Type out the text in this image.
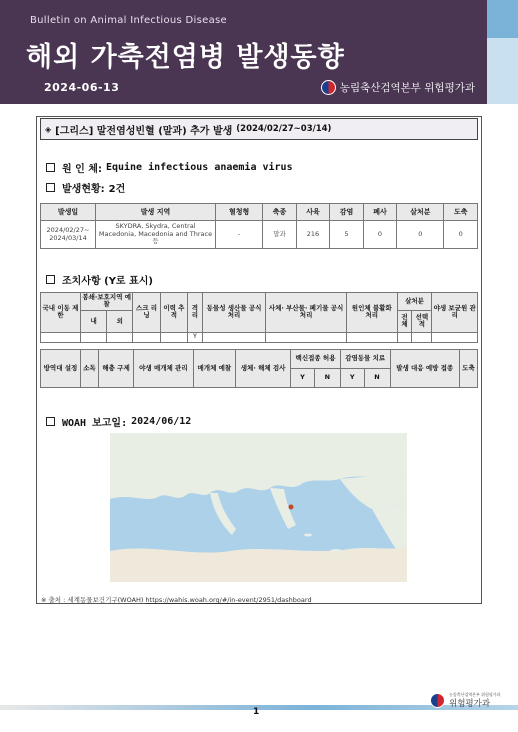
Bulletin on Animal Infectious Disease
해외 가축전염병 발생동향
2024-06-13	농림축산검역본부 위험평가과
◈ [그리스] 말전염성빈혈 (말과) 추가 발생 (2024/02/27~03/14)
원 인 체: Equine infectious anaemia virus
발생현황: 2건
발생일	발생 지역	혈청형	축종	사육	감염	폐사	살처분	도축
2024/02/27~ 2024/03/14	SKYDRA, Skydra, Central Macedonia, Macedonia and Thrace 등	-	말과	216	5	0	0	0
조치사항 (Y로 표시)
국내 이동 제한	봉쇄·보호지역 예찰		스크 리닝	이력 추적	격리	동물성 생산물 공식 처리	사체· 부산물· 폐기물 공식 처리	원인체 불활화 처리	살처분		야생 보균원 관리
	내	외							전체	선택적	
					Y						
방역대 설정	소독	해충 구제	야생 매개체 관리	매개체 예찰	생체· 해체 검사	백신접종 허용		감염동물 치료		발생 대응 예방 접종	도축
						Y	N	Y	N		
WOAH 보고일: 2024/06/12
※ 출처 : 세계동물보건기구(WOAH) https://wahis.woah.org/#/in-event/2951/dashboard
1
농림축산검역본부 위험평가과
위험평가과
